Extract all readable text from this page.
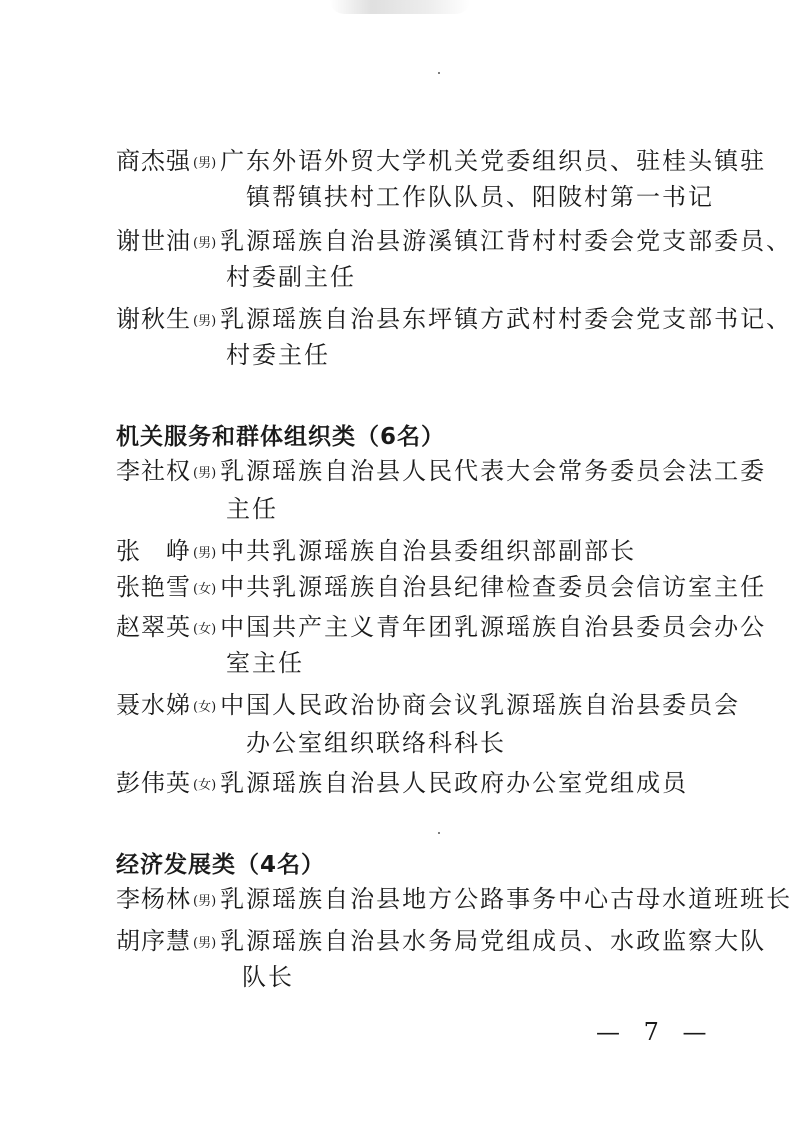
商杰强 (男) 广东外语外贸大学机关党委组织员、驻桂头镇驻
镇帮镇扶村工作队队员、阳陂村第一书记
谢世油 (男) 乳源瑶族自治县游溪镇江背村村委会党支部委员、
村委副主任
谢秋生 (男) 乳源瑶族自治县东坪镇方武村村委会党支部书记、
村委主任
机关服务和群体组织类（6名）
李社权 (男) 乳源瑶族自治县人民代表大会常务委员会法工委
主任
张　峥 (男) 中共乳源瑶族自治县委组织部副部长
张艳雪 (女) 中共乳源瑶族自治县纪律检查委员会信访室主任
赵翠英 (女) 中国共产主义青年团乳源瑶族自治县委员会办公
室主任
聂水娣 (女) 中国人民政治协商会议乳源瑶族自治县委员会
办公室组织联络科科长
彭伟英 (女) 乳源瑶族自治县人民政府办公室党组成员
经济发展类（4名）
李杨林 (男) 乳源瑶族自治县地方公路事务中心古母水道班班长
胡序慧 (男) 乳源瑶族自治县水务局党组成员、水政监察大队
队长
— 7 —
